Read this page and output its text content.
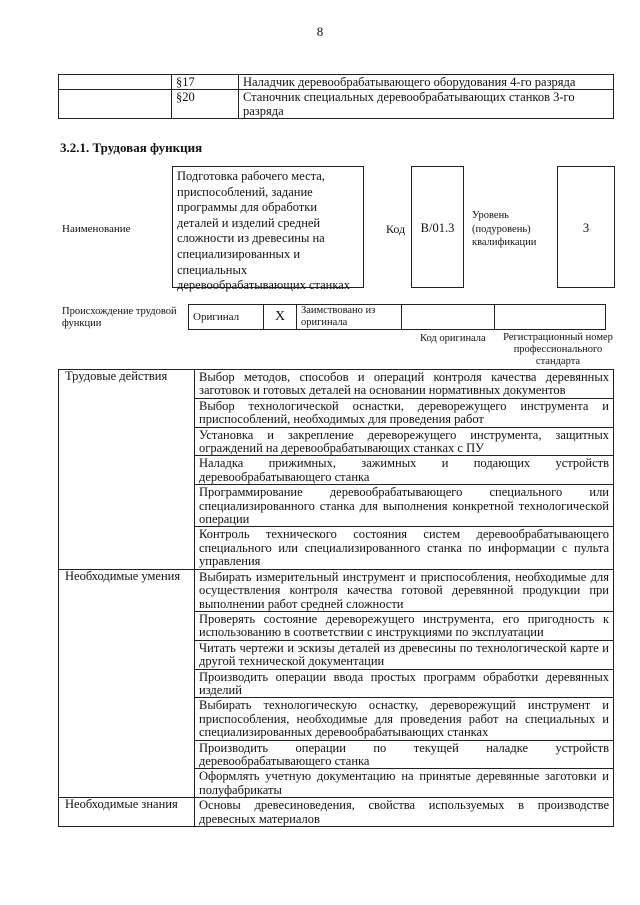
8
	§17	Наладчик деревообрабатывающего оборудования 4-го разряда
	§20	Станочник специальных деревообрабатывающих станков 3-го разряда
3.2.1. Трудовая функция
Наименование
Подготовка рабочего места, приспособлений, задание программы для обработки деталей и изделий средней сложности из древесины на специализированных и специальных деревообрабатывающих станках
Код	B/01.3
Уровень (подуровень) квалификации
3
Происхождение трудовой функции
Оригинал	X	Заимствовано из оригинала		
Код оригинала Регистрационный номер профессионального стандарта
Трудовые действия	Выбор методов, способов и операций контроля качества деревянных заготовок и готовых деталей на основании нормативных документов
	Выбор технологической оснастки, дереворежущего инструмента и приспособлений, необходимых для проведения работ
	Установка и закрепление дереворежущего инструмента, защитных ограждений на деревообрабатывающих станках с ПУ
	Наладка прижимных, зажимных и подающих устройств деревообрабатывающего станка
	Программирование деревообрабатывающего специального или специализированного станка для выполнения конкретной технологической операции
	Контроль технического состояния систем деревообрабатывающего специального или специализированного станка по информации с пульта управления
Необходимые умения	Выбирать измерительный инструмент и приспособления, необходимые для осуществления контроля качества готовой деревянной продукции при выполнении работ средней сложности
	Проверять состояние дереворежущего инструмента, его пригодность к использованию в соответствии с инструкциями по эксплуатации
	Читать чертежи и эскизы деталей из древесины по технологической карте и другой технической документации
	Производить операции ввода простых программ обработки деревянных изделий
	Выбирать технологическую оснастку, дереворежущий инструмент и приспособления, необходимые для проведения работ на специальных и специализированных деревообрабатывающих станках
	Производить операции по текущей наладке устройств деревообрабатывающего станка
	Оформлять учетную документацию на принятые деревянные заготовки и полуфабрикаты
Необходимые знания	Основы древесиноведения, свойства используемых в производстве древесных материалов
